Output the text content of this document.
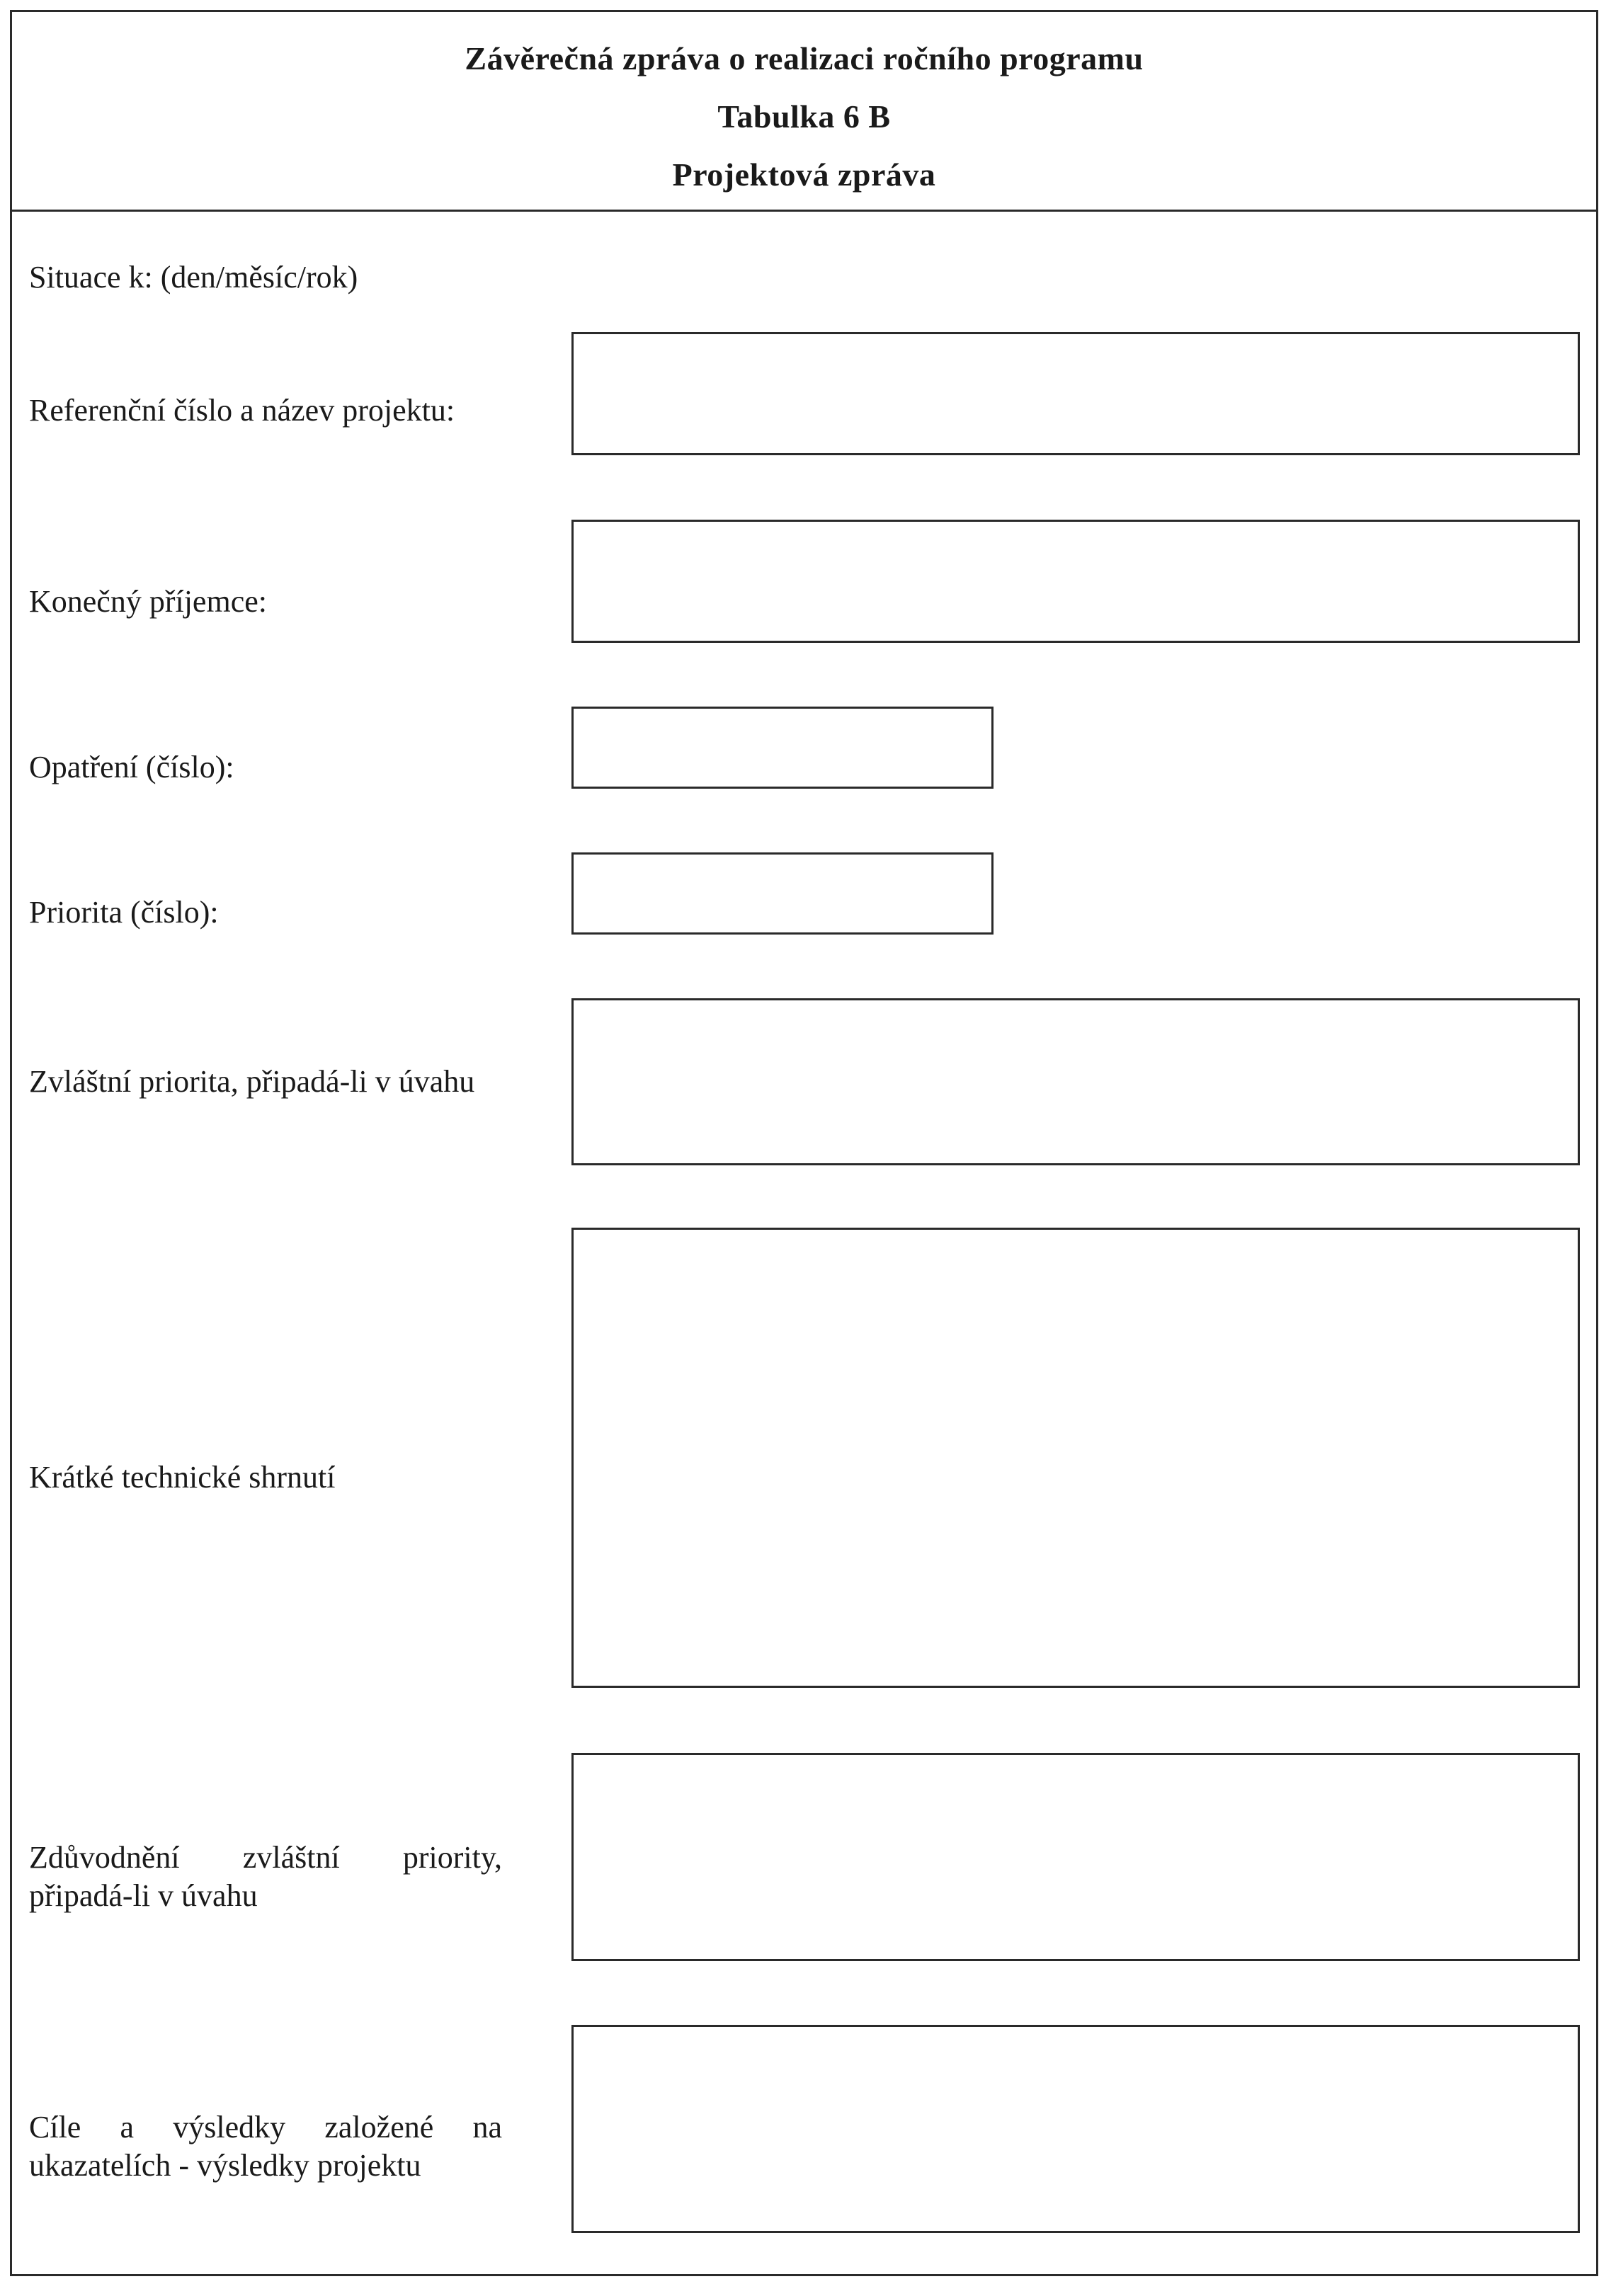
Závěrečná zpráva o realizaci ročního programu
Tabulka 6 B
Projektová zpráva
Situace k: (den/měsíc/rok)
Referenční číslo a název projektu:
Konečný příjemce:
Opatření (číslo):
Priorita (číslo):
Zvláštní priorita, připadá-li v úvahu
Krátké technické shrnutí
Zdůvodnění zvláštní priority, připadá-li v úvahu
Cíle a výsledky založené na ukazatelích - výsledky projektu
